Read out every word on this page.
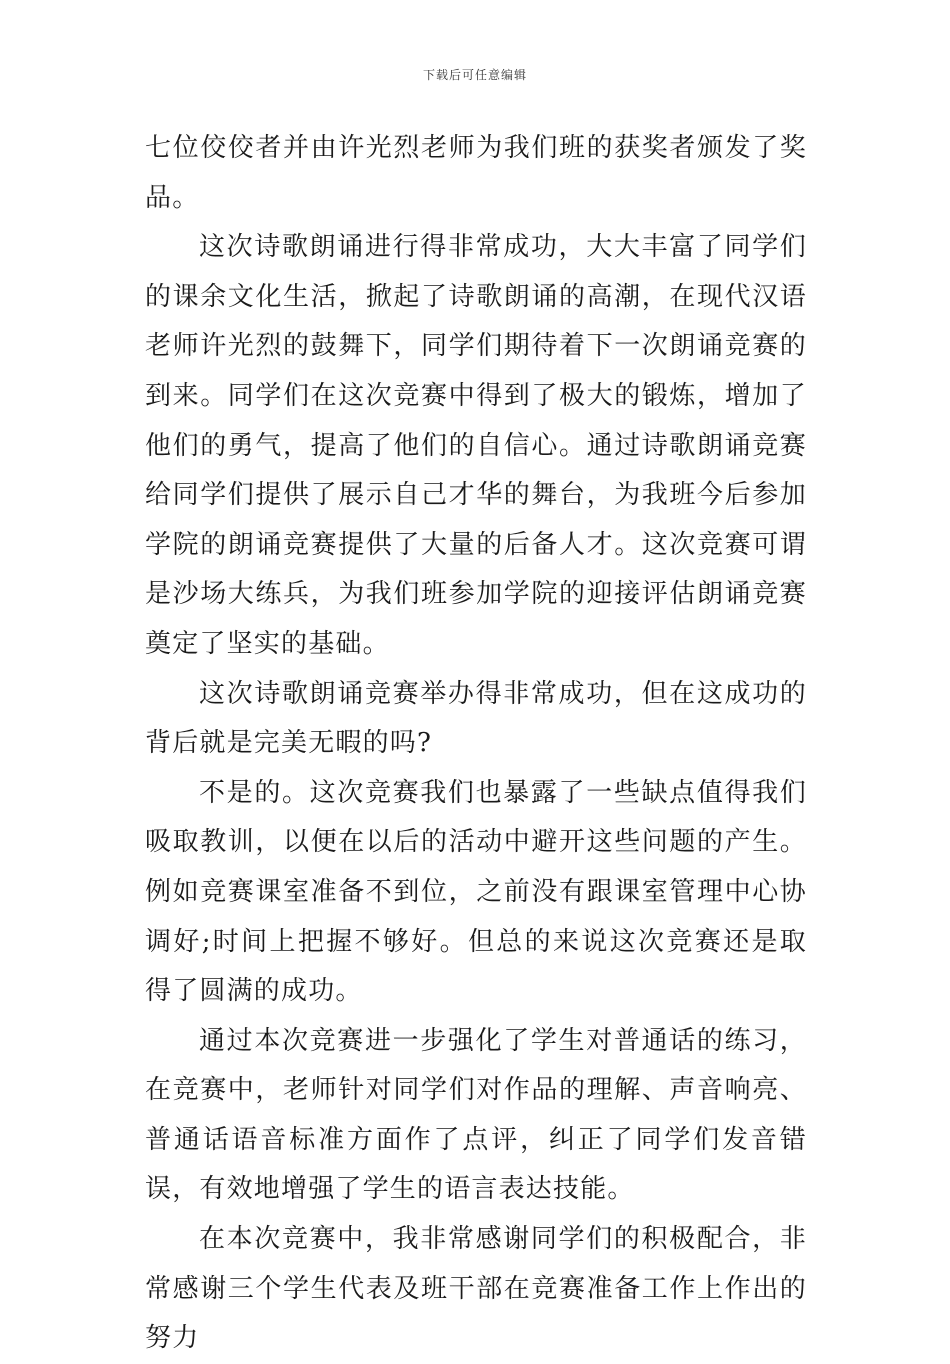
下载后可任意编辑

七位佼佼者并由许光烈老师为我们班的获奖者颁发了奖品。

这次诗歌朗诵进行得非常成功，大大丰富了同学们的课余文化生活，掀起了诗歌朗诵的高潮，在现代汉语老师许光烈的鼓舞下，同学们期待着下一次朗诵竞赛的到来。同学们在这次竞赛中得到了极大的锻炼，增加了他们的勇气，提高了他们的自信心。通过诗歌朗诵竞赛给同学们提供了展示自己才华的舞台，为我班今后参加学院的朗诵竞赛提供了大量的后备人才。这次竞赛可谓是沙场大练兵，为我们班参加学院的迎接评估朗诵竞赛奠定了坚实的基础。

这次诗歌朗诵竞赛举办得非常成功，但在这成功的背后就是完美无暇的吗?

不是的。这次竞赛我们也暴露了一些缺点值得我们吸取教训，以便在以后的活动中避开这些问题的产生。例如竞赛课室准备不到位，之前没有跟课室管理中心协调好;时间上把握不够好。但总的来说这次竞赛还是取得了圆满的成功。

通过本次竞赛进一步强化了学生对普通话的练习，在竞赛中，老师针对同学们对作品的理解、声音响亮、普通话语音标准方面作了点评，纠正了同学们发音错误，有效地增强了学生的语言表达技能。

在本次竞赛中，我非常感谢同学们的积极配合，非常感谢三个学生代表及班干部在竞赛准备工作上作出的努力
